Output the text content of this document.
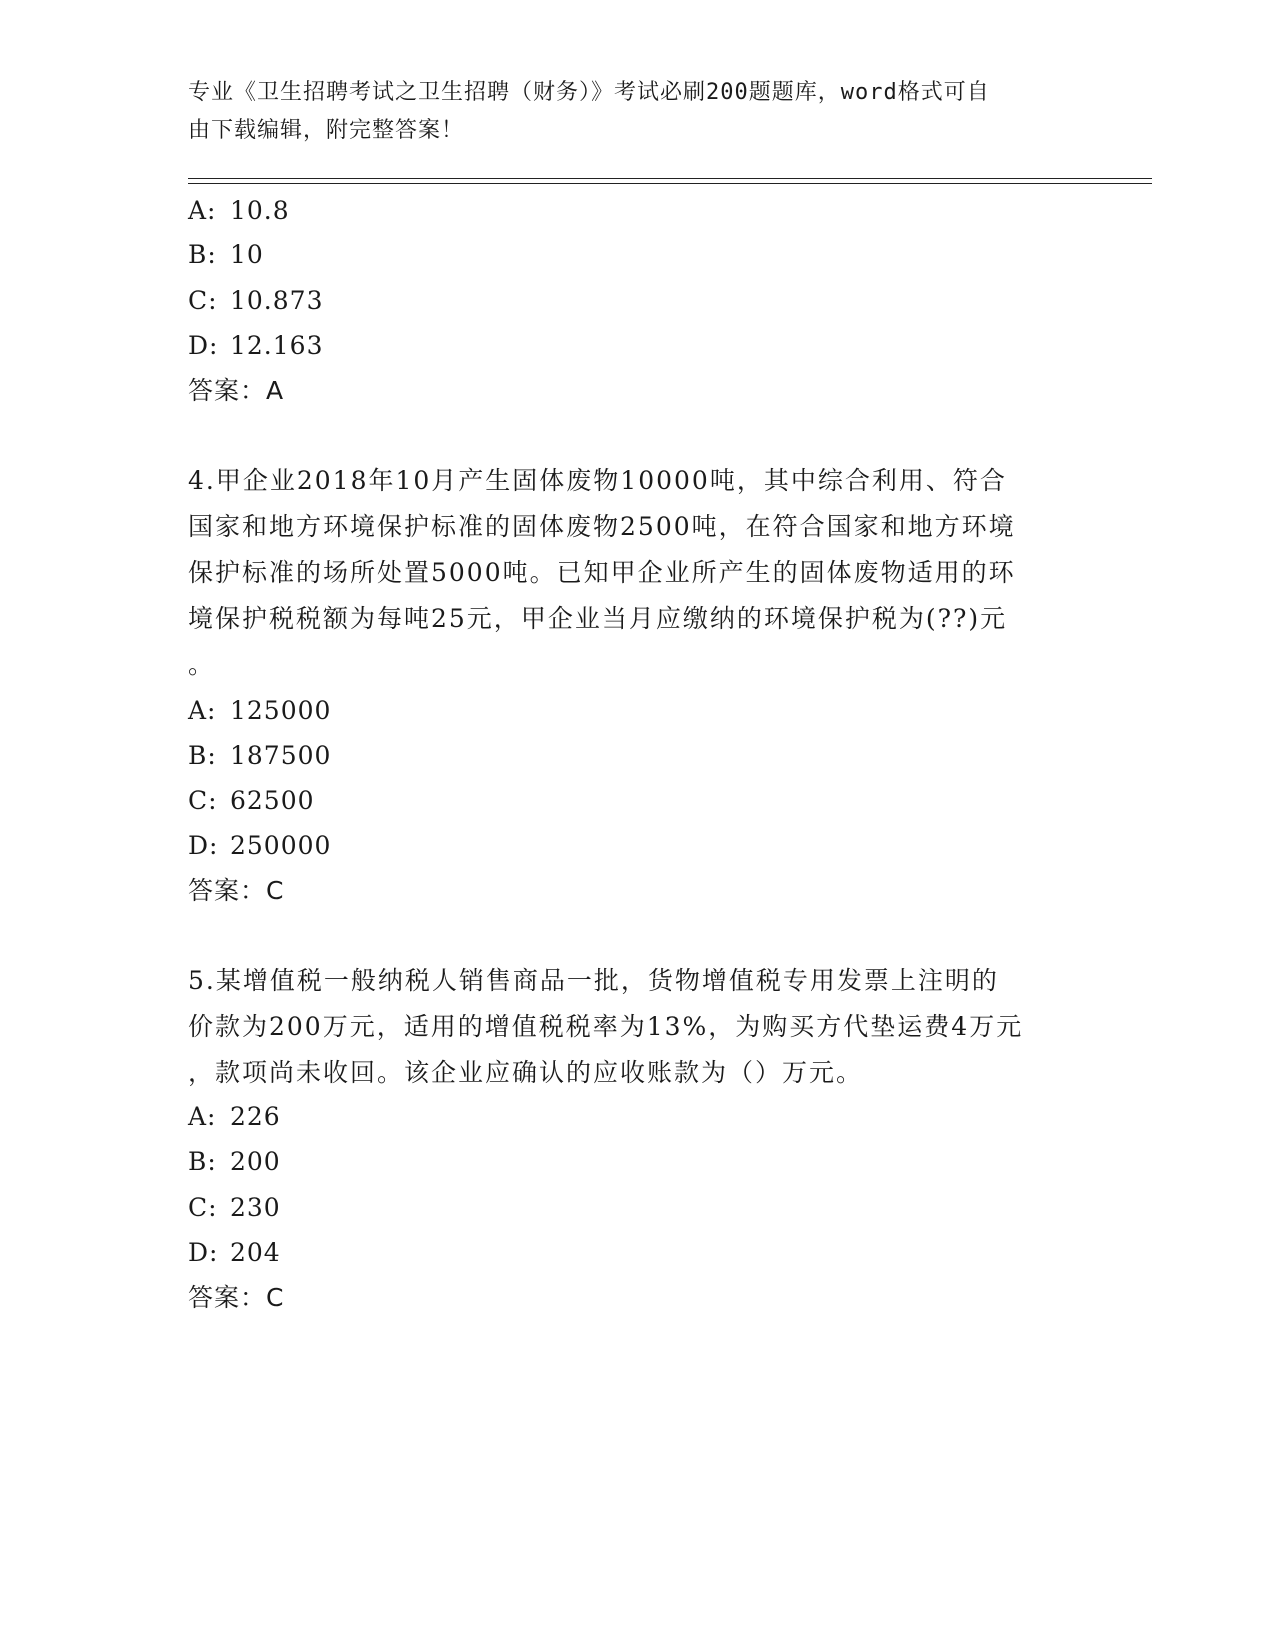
专业《卫生招聘考试之卫生招聘（财务）》考试必刷200题题库，word格式可自
由下载编辑，附完整答案！
A: 10.8
B: 10
C: 10.873
D: 12.163
答案：A
4.甲企业2018年10月产生固体废物10000吨，其中综合利用、符合
国家和地方环境保护标准的固体废物2500吨，在符合国家和地方环境
保护标准的场所处置5000吨。已知甲企业所产生的固体废物适用的环
境保护税税额为每吨25元，甲企业当月应缴纳的环境保护税为(??)元
。
A: 125000
B: 187500
C: 62500
D: 250000
答案：C
5.某增值税一般纳税人销售商品一批，货物增值税专用发票上注明的
价款为200万元，适用的增值税税率为13%，为购买方代垫运费4万元
，款项尚未收回。该企业应确认的应收账款为（）万元。
A: 226
B: 200
C: 230
D: 204
答案：C
